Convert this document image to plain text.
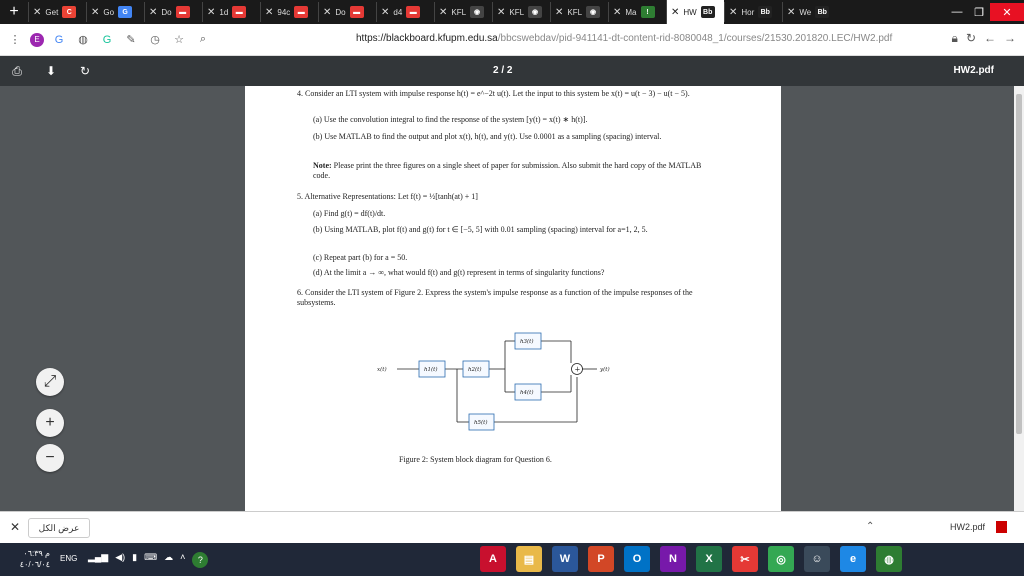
+	✕ Get	C	✕ Go	G	✕ Do	▬	✕ 1d	▬	✕ 94c	▬	✕ Do	▬	✕ d4	▬	✕ KFL	◉	✕ KFL	◉	✕ KFL	◉	✕ Ma	!	✕ HW Bb ✕ Hor Bb ✕ We Bb	—	❐	✕
⋮	E	G	◍	G	✎	◷	☆	⌕	https://blackboard.kfupm.edu.sa/bbcswebdav/pid-941141-dt-content-rid-8080048_1/courses/21530.201820.LEC/HW2.pdf	🔒︎ ↻ ← →
⎙	⬇	↻	2 / 2	HW2.pdf
4. Consider an LTI system with impulse response h(t) = e^−2t u(t). Let the input to this system be x(t) = u(t − 3) − u(t − 5).
(a) Use the convolution integral to find the response of the system [y(t) = x(t) ∗ h(t)].
(b) Use MATLAB to find the output and plot x(t), h(t), and y(t). Use 0.0001 as a sampling (spacing) interval.
Note: Please print the three figures on a single sheet of paper for submission. Also submit the hard copy of the MATLAB code.
5. Alternative Representations: Let f(t) = ½[tanh(at) + 1]
(a) Find g(t) = df(t)/dt.
(b) Using MATLAB, plot f(t) and g(t) for t ∈ [−5, 5] with 0.01 sampling (spacing) interval for a=1, 2, 5.
(c) Repeat part (b) for a = 50.
(d) At the limit a → ∞, what would f(t) and g(t) represent in terms of singularity functions?
6. Consider the LTI system of Figure 2. Express the system's impulse response as a function of the impulse responses of the subsystems.
x(t)	y(t)
h1(t)	h2(t)
h3(t)
h4(t)
h5(t)
+
Figure 2: System block diagram for Question 6.
⤢
+
−
✕	عرض الكل	⌃	HW2.pdf
م ٠٦:٣٩
٤٠/٠٦/٠٤
ENG ▂▄▆ ◀) ▮ ⌨ ☁ ˄	?	A	▤	W	P	O	N	X	✂	◎	☺	e	◍
